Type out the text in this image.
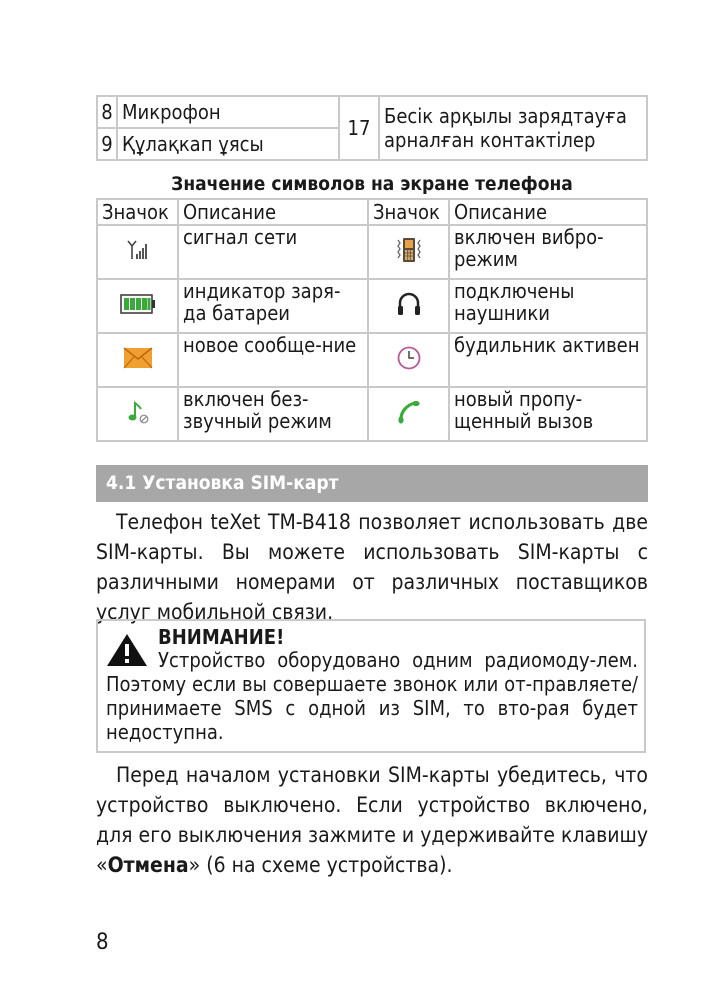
8	Микрофон	17	Бесік арқылы зарядтауға арналған контактілер
9	Құлақкап ұясы		
Значение символов на экране телефона
Значок	Описание	Значок	Описание
	сигнал сети		включен вибро-режим
	индикатор заря-да батареи		подключены наушники
	новое сообще-ние		будильник активен
	включен без-звучный режим		новый пропу-щенный вызов
4.1 Установка SIM-карт
Телефон teXet TM-B418 позволяет использовать две SIM-карты. Вы можете использовать SIM-карты с различными номерами от различных поставщиков услуг мобильной связи.
ВНИМАНИЕ!
Устройство оборудовано одним радиомоду-лем. Поэтому если вы совершаете звонок или от-правляете/принимаете SMS с одной из SIM, то вто-рая будет недоступна.
Перед началом установки SIM-карты убедитесь, что устройство выключено. Если устройство включено, для его выключения зажмите и удерживайте клавишу «Отмена» (6 на схеме устройства).
8
